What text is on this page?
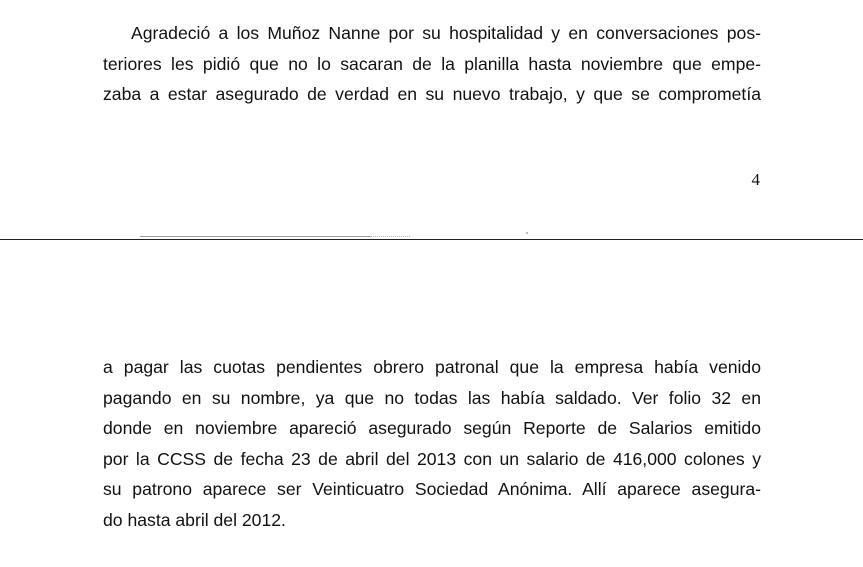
Agradeció a los Muñoz Nanne por su hospitalidad y en conversaciones pos-
teriores les pidió que no lo sacaran de la planilla hasta noviembre que empe-
zaba a estar asegurado de verdad en su nuevo trabajo, y que se comprometía
4
a pagar las cuotas pendientes obrero patronal que la empresa había venido
pagando en su nombre, ya que no todas las había saldado. Ver folio 32 en
donde en noviembre apareció asegurado según Reporte de Salarios emitido
por la CCSS de fecha 23 de abril del 2013 con un salario de 416,000 colones y
su patrono aparece ser Veinticuatro Sociedad Anónima. Allí aparece asegura-
do hasta abril del 2012.
